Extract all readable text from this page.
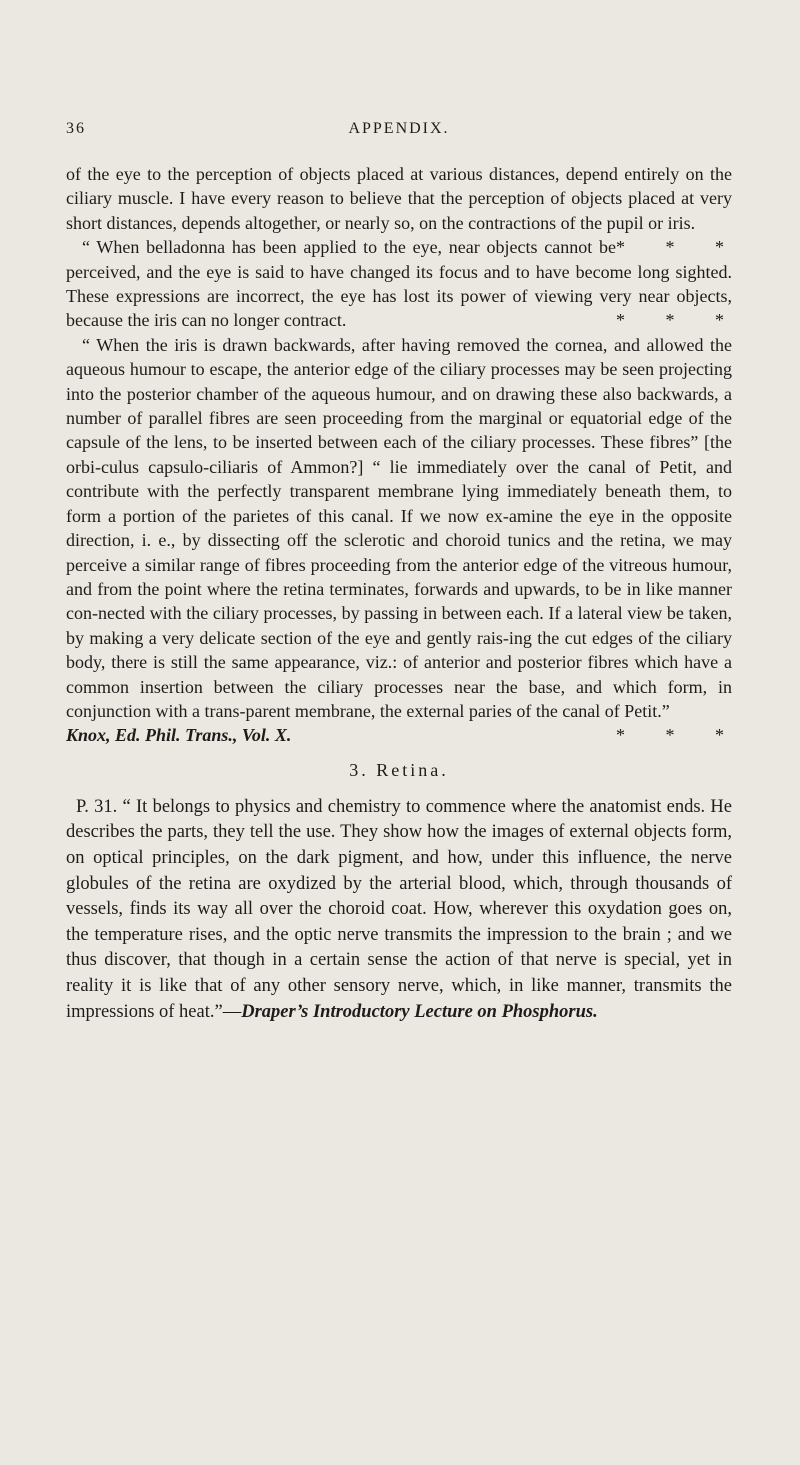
36	APPENDIX.

of the eye to the perception of objects placed at various distances, depend entirely on the ciliary muscle. I have every reason to believe that the perception of objects placed at very short distances, depends altogether, or nearly so, on the contractions of the pupil or iris.
* * *

“ When belladonna has been applied to the eye, near objects cannot be perceived, and the eye is said to have changed its focus and to have become long sighted. These expressions are incorrect, the eye has lost its power of viewing very near objects, because the iris can no longer contract.	* * *

“ When the iris is drawn backwards, after having removed the cornea, and allowed the aqueous humour to escape, the anterior edge of the ciliary processes may be seen projecting into the posterior chamber of the aqueous humour, and on drawing these also backwards, a number of parallel fibres are seen proceeding from the marginal or equatorial edge of the capsule of the lens, to be inserted between each of the ciliary processes. These fibres” [the orbi-culus capsulo-ciliaris of Ammon?] “ lie immediately over the canal of Petit, and contribute with the perfectly transparent membrane lying immediately beneath them, to form a portion of the parietes of this canal. If we now ex-amine the eye in the opposite direction, i. e., by dissecting off the sclerotic and choroid tunics and the retina, we may perceive a similar range of fibres proceeding from the anterior edge of the vitreous humour, and from the point where the retina terminates, forwards and upwards, to be in like manner con-nected with the ciliary processes, by passing in between each. If a lateral view be taken, by making a very delicate section of the eye and gently rais-ing the cut edges of the ciliary body, there is still the same appearance, viz.: of anterior and posterior fibres which have a common insertion between the ciliary processes near the base, and which form, in conjunction with a trans-parent membrane, the external paries of the canal of Petit.”
* * *

Knox, Ed. Phil. Trans., Vol. X.

3. Retina.

P. 31. “ It belongs to physics and chemistry to commence where the anatomist ends. He describes the parts, they tell the use. They show how the images of external objects form, on optical principles, on the dark pigment, and how, under this influence, the nerve globules of the retina are oxydized by the arterial blood, which, through thousands of vessels, finds its way all over the choroid coat. How, wherever this oxydation goes on, the temperature rises, and the optic nerve transmits the impression to the brain ; and we thus discover, that though in a certain sense the action of that nerve is special, yet in reality it is like that of any other sensory nerve, which, in like manner, transmits the impressions of heat.”—Draper’s Introductory Lecture on Phosphorus.
